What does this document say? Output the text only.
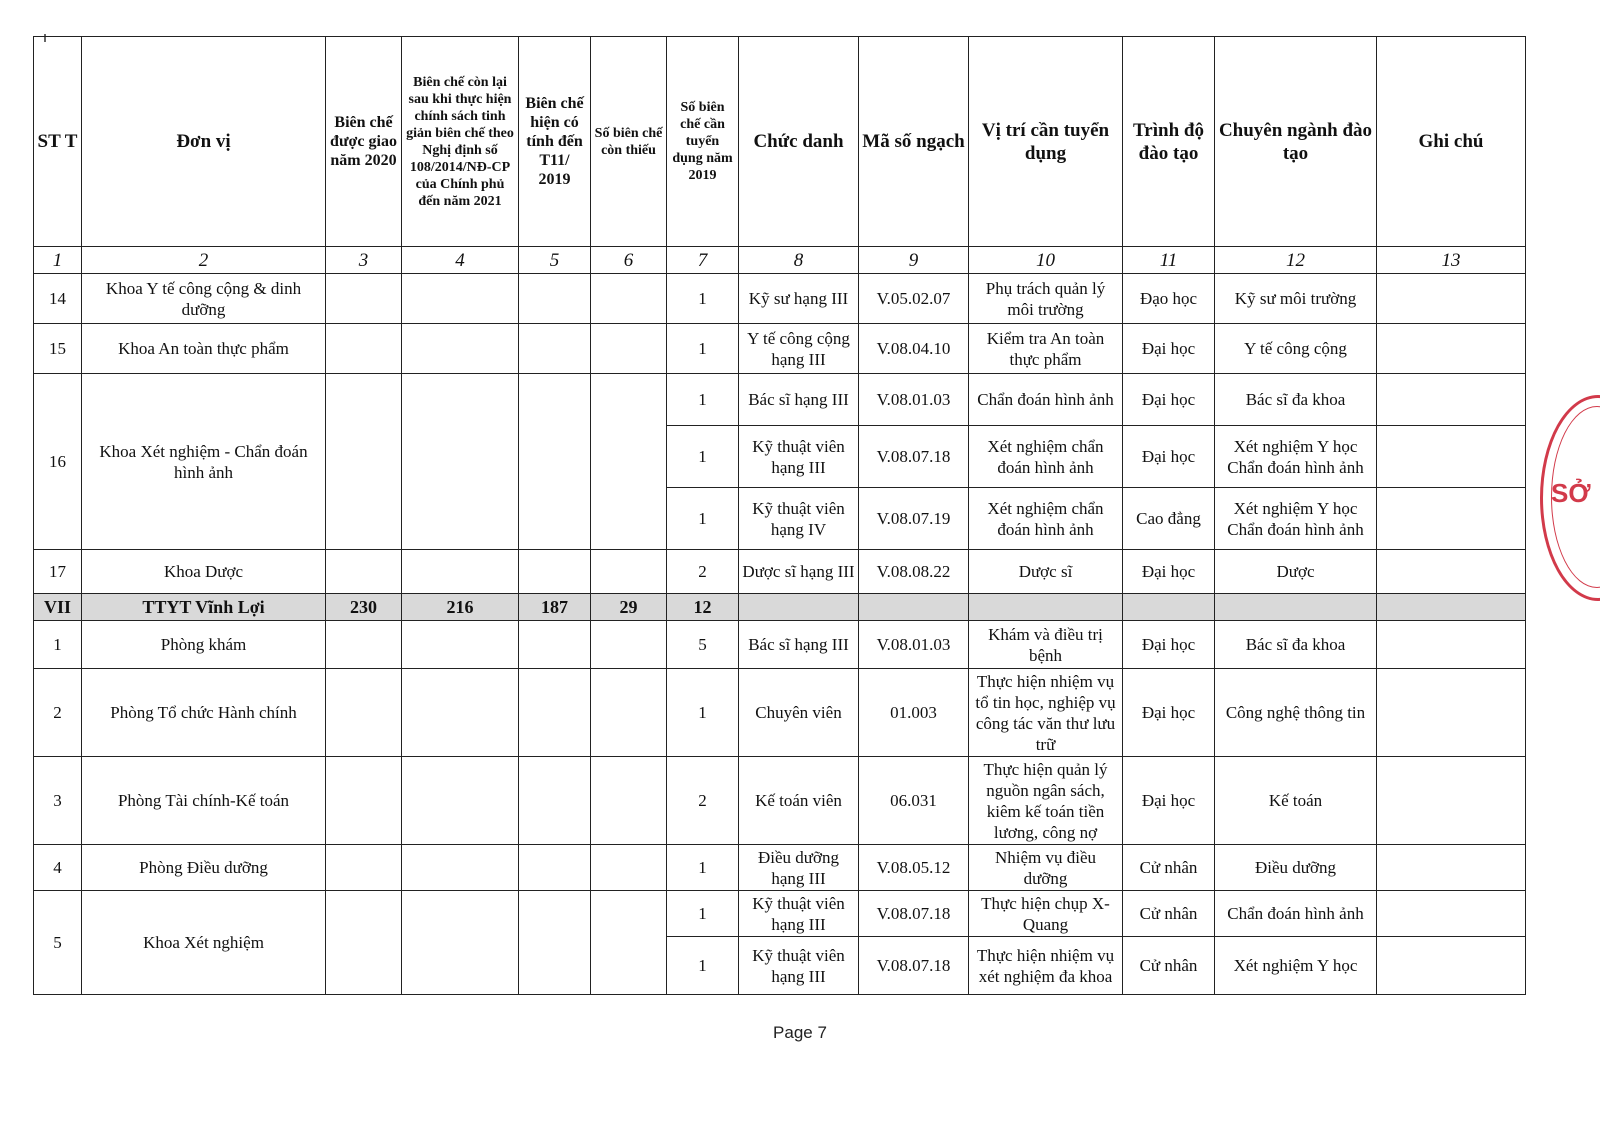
ST T	Đơn vị	Biên chế được giao năm 2020	Biên chế còn lại sau khi thực hiện chính sách tinh giản biên chế theo Nghị định số 108/2014/NĐ-CP của Chính phủ đến năm 2021	Biên chế hiện có tính đến T11/ 2019	Số biên chế còn thiếu	Số biên chế cần tuyển dụng năm 2019	Chức danh	Mã số ngạch	Vị trí cần tuyển dụng	Trình độ đào tạo	Chuyên ngành đào tạo	Ghi chú
1	2	3	4	5	6	7	8	9	10	11	12	13
14	Khoa Y tế công cộng & dinh dưỡng					1	Kỹ sư hạng III	V.05.02.07	Phụ trách quản lý môi trường	Đạo học	Kỹ sư môi trường	
15	Khoa An toàn thực phẩm					1	Y tế công cộng hạng III	V.08.04.10	Kiểm tra An toàn thực phẩm	Đại học	Y tế công cộng	
16	Khoa Xét nghiệm - Chẩn đoán hình ảnh					1	Bác sĩ hạng III	V.08.01.03	Chẩn đoán hình ảnh	Đại học	Bác sĩ đa khoa	
						1	Kỹ thuật viên hạng III	V.08.07.18	Xét nghiệm chẩn đoán hình ảnh	Đại học	Xét nghiệm Y học Chẩn đoán hình ảnh	
						1	Kỹ thuật viên hạng IV	V.08.07.19	Xét nghiệm chẩn đoán hình ảnh	Cao đẳng	Xét nghiệm Y học Chẩn đoán hình ảnh	
17	Khoa Dược					2	Dược sĩ hạng III	V.08.08.22	Dược sĩ	Đại học	Dược	
VII	TTYT Vĩnh Lợi	230	216	187	29	12						
1	Phòng khám					5	Bác sĩ hạng III	V.08.01.03	Khám và điều trị bệnh	Đại học	Bác sĩ đa khoa	
2	Phòng Tổ chức Hành chính					1	Chuyên viên	01.003	Thực hiện nhiệm vụ tổ tin học, nghiệp vụ công tác văn thư lưu trữ	Đại học	Công nghệ thông tin	
3	Phòng Tài chính-Kế toán					2	Kế toán viên	06.031	Thực hiện quản lý nguồn ngân sách, kiêm kế toán tiền lương, công nợ	Đại học	Kế toán	
4	Phòng Điều dưỡng					1	Điều dưỡng hạng III	V.08.05.12	Nhiệm vụ điều dưỡng	Cử nhân	Điều dưỡng	
5	Khoa Xét nghiệm					1	Kỹ thuật viên hạng III	V.08.07.18	Thực hiện chụp X-Quang	Cử nhân	Chẩn đoán hình ảnh	
						1	Kỹ thuật viên hạng III	V.08.07.18	Thực hiện nhiệm vụ xét nghiệm đa khoa	Cử nhân	Xét nghiệm Y học	
SỞ
Page 7
